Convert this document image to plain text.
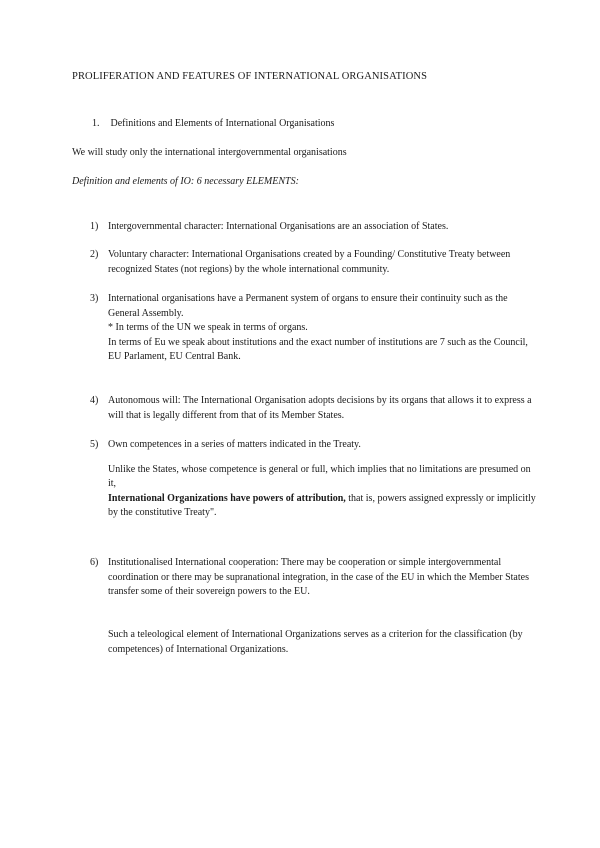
PROLIFERATION AND FEATURES OF INTERNATIONAL ORGANISATIONS
1. Definitions and Elements of International Organisations
We will study only the international intergovernmental organisations
Definition and elements of IO: 6 necessary ELEMENTS:
1) Intergovernmental character: International Organisations are an association of States.

2) Voluntary character: International Organisations created by a Founding/ Constitutive Treaty between recognized States (not regions) by the whole international community.

3) International organisations have a Permanent system of organs to ensure their continuity such as the General Assembly.

* In terms of the UN we speak in terms of organs.

In terms of Eu we speak about institutions and the exact number of institutions are 7 such as the Council, EU Parlament, EU Central Bank.

4) Autonomous will: The International Organisation adopts decisions by its organs that allows it to express a will that is legally different from that of its Member States.

5) Own competences in a series of matters indicated in the Treaty.

Unlike the States, whose competence is general or full, which implies that no limitations are presumed on it,

International Organizations have powers of attribution, that is, powers assigned expressly or implicitly by the constitutive Treaty".

6) Institutionalised International cooperation: There may be cooperation or simple intergovernmental coordination or there may be supranational integration, in the case of the EU in which the Member States transfer some of their sovereign powers to the EU.

Such a teleological element of International Organizations serves as a criterion for the classification (by competences) of International Organizations.
